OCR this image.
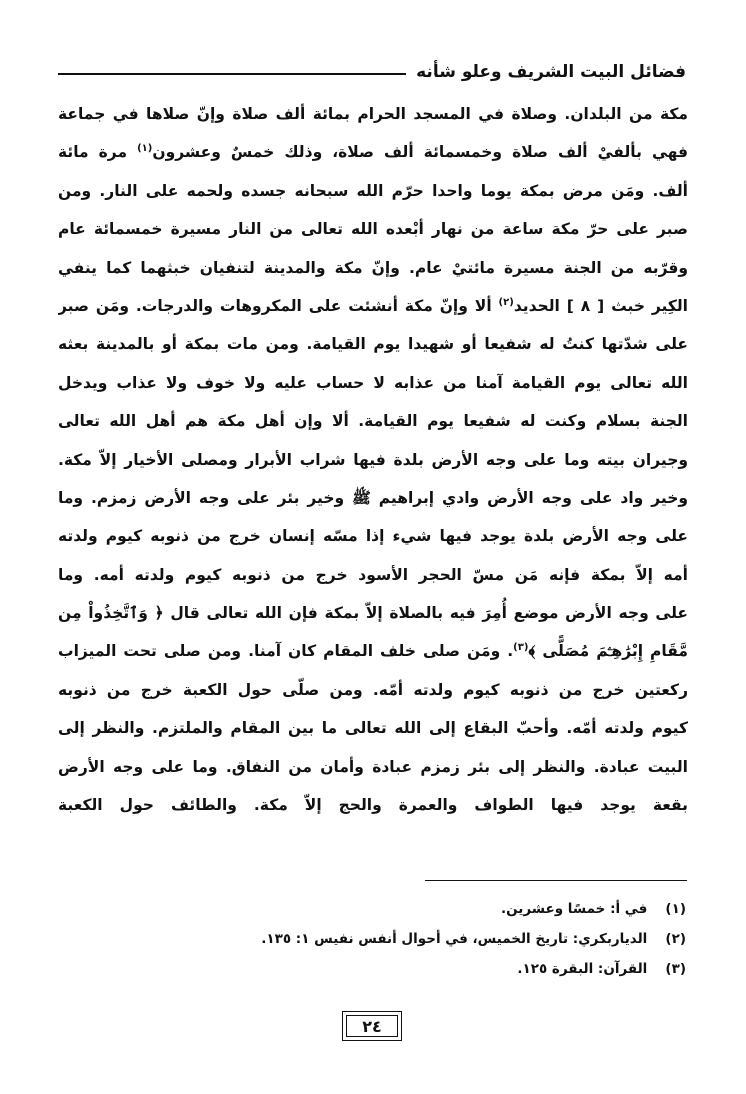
فضائل البيت الشريف وعلو شأنه
مكة من البلدان. وصلاة في المسجد الحرام بمائة ألف صلاة وإنّ صلاها في جماعة
فهي بألفيْ ألف صلاة وخمسمائة ألف صلاة، وذلك خمسٌ وعشرون$^{(١)}$ مرة مائة
ألف. ومَن مرض بمكة يوما واحدا حرّم الله سبحانه جسده ولحمه على النار. ومن
صبر على حرّ مكة ساعة من نهار أبْعده الله تعالى من النار مسيرة خمسمائة عام
وقرّبه من الجنة مسيرة مائتيْ عام. وإنّ مكة والمدينة لتنفيان خبثهما كما ينفي
الكِير خبث [ ٨ ] الحديد$^{(٢)}$ ألا وإنّ مكة أنشئت على المكروهات والدرجات. ومَن صبر
على شدّتها كنتُ له شفيعا أو شهيدا يوم القيامة. ومن مات بمكة أو بالمدينة بعثه
الله تعالى يوم القيامة آمنا من عذابه لا حساب عليه ولا خوف ولا عذاب ويدخل
الجنة بسلام وكنت له شفيعا يوم القيامة. ألا وإن أهل مكة هم أهل الله تعالى
وجيران بيته وما على وجه الأرض بلدة فيها شراب الأبرار ومصلى الأخيار إلاّ مكة.
وخير واد على وجه الأرض وادي إبراهيم ﷺ وخير بئر على وجه الأرض زمزم. وما
على وجه الأرض بلدة يوجد فيها شيء إذا مسّه إنسان خرج من ذنوبه كيوم ولدته
أمه إلاّ بمكة فإنه مَن مسّ الحجر الأسود خرج من ذنوبه كيوم ولدته أمه. وما
على وجه الأرض موضع أُمِرَ فيه بالصلاة إلاّ بمكة فإن الله تعالى قال ﴿ وَٱتَّخِذُواْ مِن
مَّقَامِ إِبْرَٰهِـۧمَ مُصَلًّى ﴾$^{(٣)}$. ومَن صلى خلف المقام كان آمنا. ومن صلى تحت الميزاب
ركعتين خرج من ذنوبه كيوم ولدته أمّه. ومن صلّى حول الكعبة خرج من ذنوبه
كيوم ولدته أمّه. وأحبّ البقاع إلى الله تعالى ما بين المقام والملتزم. والنظر إلى
البيت عبادة. والنظر إلى بئر زمزم عبادة وأمان من النفاق. وما على وجه الأرض
بقعة يوجد فيها الطواف والعمرة والحج إلاّ مكة. والطائف حول الكعبة
(١) في أ: خمسًا وعشرين.
(٢) الدياربكري: تاريخ الخميس، في أحوال أنفس نفيس ١: ١٣٥.
(٣) القرآن: البقرة ١٢٥.
٢٤
